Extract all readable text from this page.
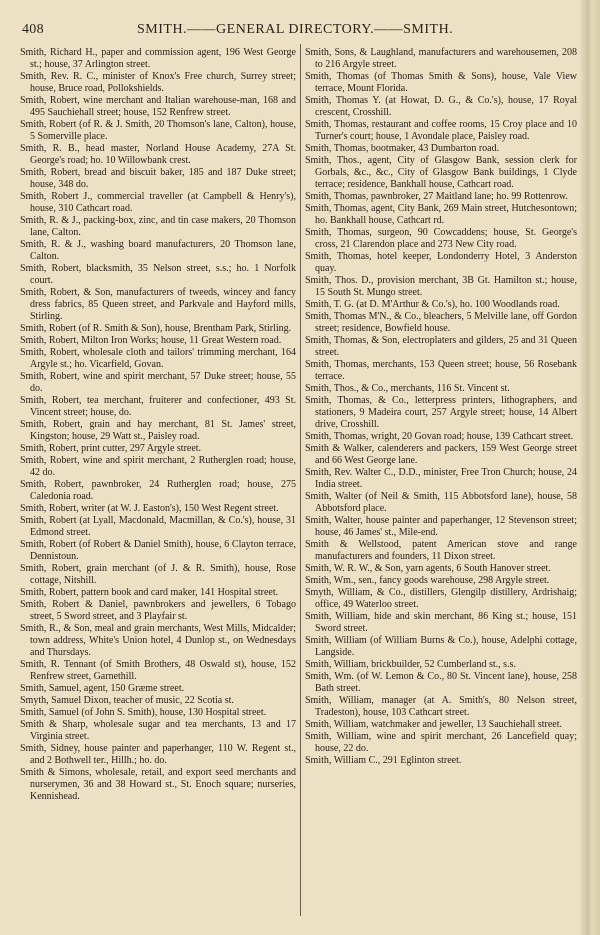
408	SMITH.——GENERAL DIRECTORY.——SMITH.

Smith, Richard H., paper and commission agent, 196 West George st.; house, 37 Arlington street.

Smith, Rev. R. C., minister of Knox's Free church, Surrey street; house, Bruce road, Pollokshields.

Smith, Robert, wine merchant and Italian warehouse-man, 168 and 495 Sauchiehall street; house, 152 Renfrew street.

Smith, Robert (of R. & J. Smith, 20 Thomson's lane, Calton), house, 5 Somerville place.

Smith, R. B., head master, Norland House Academy, 27A St. George's road; ho. 10 Willowbank crest.

Smith, Robert, bread and biscuit baker, 185 and 187 Duke street; house, 348 do.

Smith, Robert J., commercial traveller (at Campbell & Henry's), house, 310 Cathcart road.

Smith, R. & J., packing-box, zinc, and tin case makers, 20 Thomson lane, Calton.

Smith, R. & J., washing board manufacturers, 20 Thomson lane, Calton.

Smith, Robert, blacksmith, 35 Nelson street, s.s.; ho. 1 Norfolk court.

Smith, Robert, & Son, manufacturers of tweeds, wincey and fancy dress fabrics, 85 Queen street, and Parkvale and Hayford mills, Stirling.

Smith, Robert (of R. Smith & Son), house, Brentham Park, Stirling.

Smith, Robert, Milton Iron Works; house, 11 Great Western road.

Smith, Robert, wholesale cloth and tailors' trimming merchant, 164 Argyle st.; ho. Vicarfield, Govan.

Smith, Robert, wine and spirit merchant, 57 Duke street; house, 55 do.

Smith, Robert, tea merchant, fruiterer and confectioner, 493 St. Vincent street; house, do.

Smith, Robert, grain and hay merchant, 81 St. James' street, Kingston; house, 29 Watt st., Paisley road.

Smith, Robert, print cutter, 297 Argyle street.

Smith, Robert, wine and spirit merchant, 2 Rutherglen road; house, 42 do.

Smith, Robert, pawnbroker, 24 Rutherglen road; house, 275 Caledonia road.

Smith, Robert, writer (at W. J. Easton's), 150 West Regent street.

Smith, Robert (at Lyall, Macdonald, Macmillan, & Co.'s), house, 31 Edmond street.

Smith, Robert (of Robert & Daniel Smith), house, 6 Clayton terrace, Dennistoun.

Smith, Robert, grain merchant (of J. & R. Smith), house, Rose cottage, Nitshill.

Smith, Robert, pattern book and card maker, 141 Hospital street.

Smith, Robert & Daniel, pawnbrokers and jewellers, 6 Tobago street, 5 Sword street, and 3 Playfair st.

Smith, R., & Son, meal and grain merchants, West Mills, Midcalder; town address, White's Union hotel, 4 Dunlop st., on Wednesdays and Thursdays.

Smith, R. Tennant (of Smith Brothers, 48 Oswald st), house, 152 Renfrew street, Garnethill.

Smith, Samuel, agent, 150 Græme street.

Smyth, Samuel Dixon, teacher of music, 22 Scotia st.

Smith, Samuel (of John S. Smith), house, 130 Hospital street.

Smith & Sharp, wholesale sugar and tea merchants, 13 and 17 Virginia street.

Smith, Sidney, house painter and paperhanger, 110 W. Regent st., and 2 Bothwell ter., Hillh.; ho. do.

Smith & Simons, wholesale, retail, and export seed merchants and nurserymen, 36 and 38 Howard st., St. Enoch square; nurseries, Kennishead.

Smith, Sons, & Laughland, manufacturers and warehousemen, 208 to 216 Argyle street.

Smith, Thomas (of Thomas Smith & Sons), house, Vale View terrace, Mount Florida.

Smith, Thomas Y. (at Howat, D. G., & Co.'s), house, 17 Royal crescent, Crosshill.

Smith, Thomas, restaurant and coffee rooms, 15 Croy place and 10 Turner's court; house, 1 Avondale place, Paisley road.

Smith, Thomas, bootmaker, 43 Dumbarton road.

Smith, Thos., agent, City of Glasgow Bank, session clerk for Gorbals, &c., &c., City of Glasgow Bank buildings, 1 Clyde terrace; residence, Bankhall house, Cathcart road.

Smith, Thomas, pawnbroker, 27 Maitland lane; ho. 99 Rottenrow.

Smith, Thomas, agent, City Bank, 269 Main street, Hutchesontown; ho. Bankhall house, Cathcart rd.

Smith, Thomas, surgeon, 90 Cowcaddens; house, St. George's cross, 21 Clarendon place and 273 New City road.

Smith, Thomas, hotel keeper, Londonderry Hotel, 3 Anderston quay.

Smith, Thos. D., provision merchant, 3B Gt. Hamilton st.; house, 15 South St. Mungo street.

Smith, T. G. (at D. M'Arthur & Co.'s), ho. 100 Woodlands road.

Smith, Thomas M'N., & Co., bleachers, 5 Melville lane, off Gordon street; residence, Bowfield house.

Smith, Thomas, & Son, electroplaters and gilders, 25 and 31 Queen street.

Smith, Thomas, merchants, 153 Queen street; house, 56 Rosebank terrace.

Smith, Thos., & Co., merchants, 116 St. Vincent st.

Smith, Thomas, & Co., letterpress printers, lithographers, and stationers, 9 Madeira court, 257 Argyle street; house, 14 Albert drive, Crosshill.

Smith, Thomas, wright, 20 Govan road; house, 139 Cathcart street.

Smith & Walker, calenderers and packers, 159 West George street and 66 West George lane.

Smith, Rev. Walter C., D.D., minister, Free Tron Church; house, 24 India street.

Smith, Walter (of Neil & Smith, 115 Abbotsford lane), house, 58 Abbotsford place.

Smith, Walter, house painter and paperhanger, 12 Stevenson street; house, 46 James' st., Mile-end.

Smith & Wellstood, patent American stove and range manufacturers and founders, 11 Dixon street.

Smith, W. R. W., & Son, yarn agents, 6 South Hanover street.

Smith, Wm., sen., fancy goods warehouse, 298 Argyle street.

Smyth, William, & Co., distillers, Glengilp distillery, Ardrishaig; office, 49 Waterloo street.

Smith, William, hide and skin merchant, 86 King st.; house, 151 Sword street.

Smith, William (of William Burns & Co.), house, Adelphi cottage, Langside.

Smith, William, brickbuilder, 52 Cumberland st., s.s.

Smith, Wm. (of W. Lemon & Co., 80 St. Vincent lane), house, 258 Bath street.

Smith, William, manager (at A. Smith's, 80 Nelson street, Tradeston), house, 103 Cathcart street.

Smith, William, watchmaker and jeweller, 13 Sauchiehall street.

Smith, William, wine and spirit merchant, 26 Lancefield quay; house, 22 do.

Smith, William C., 291 Eglinton street.
